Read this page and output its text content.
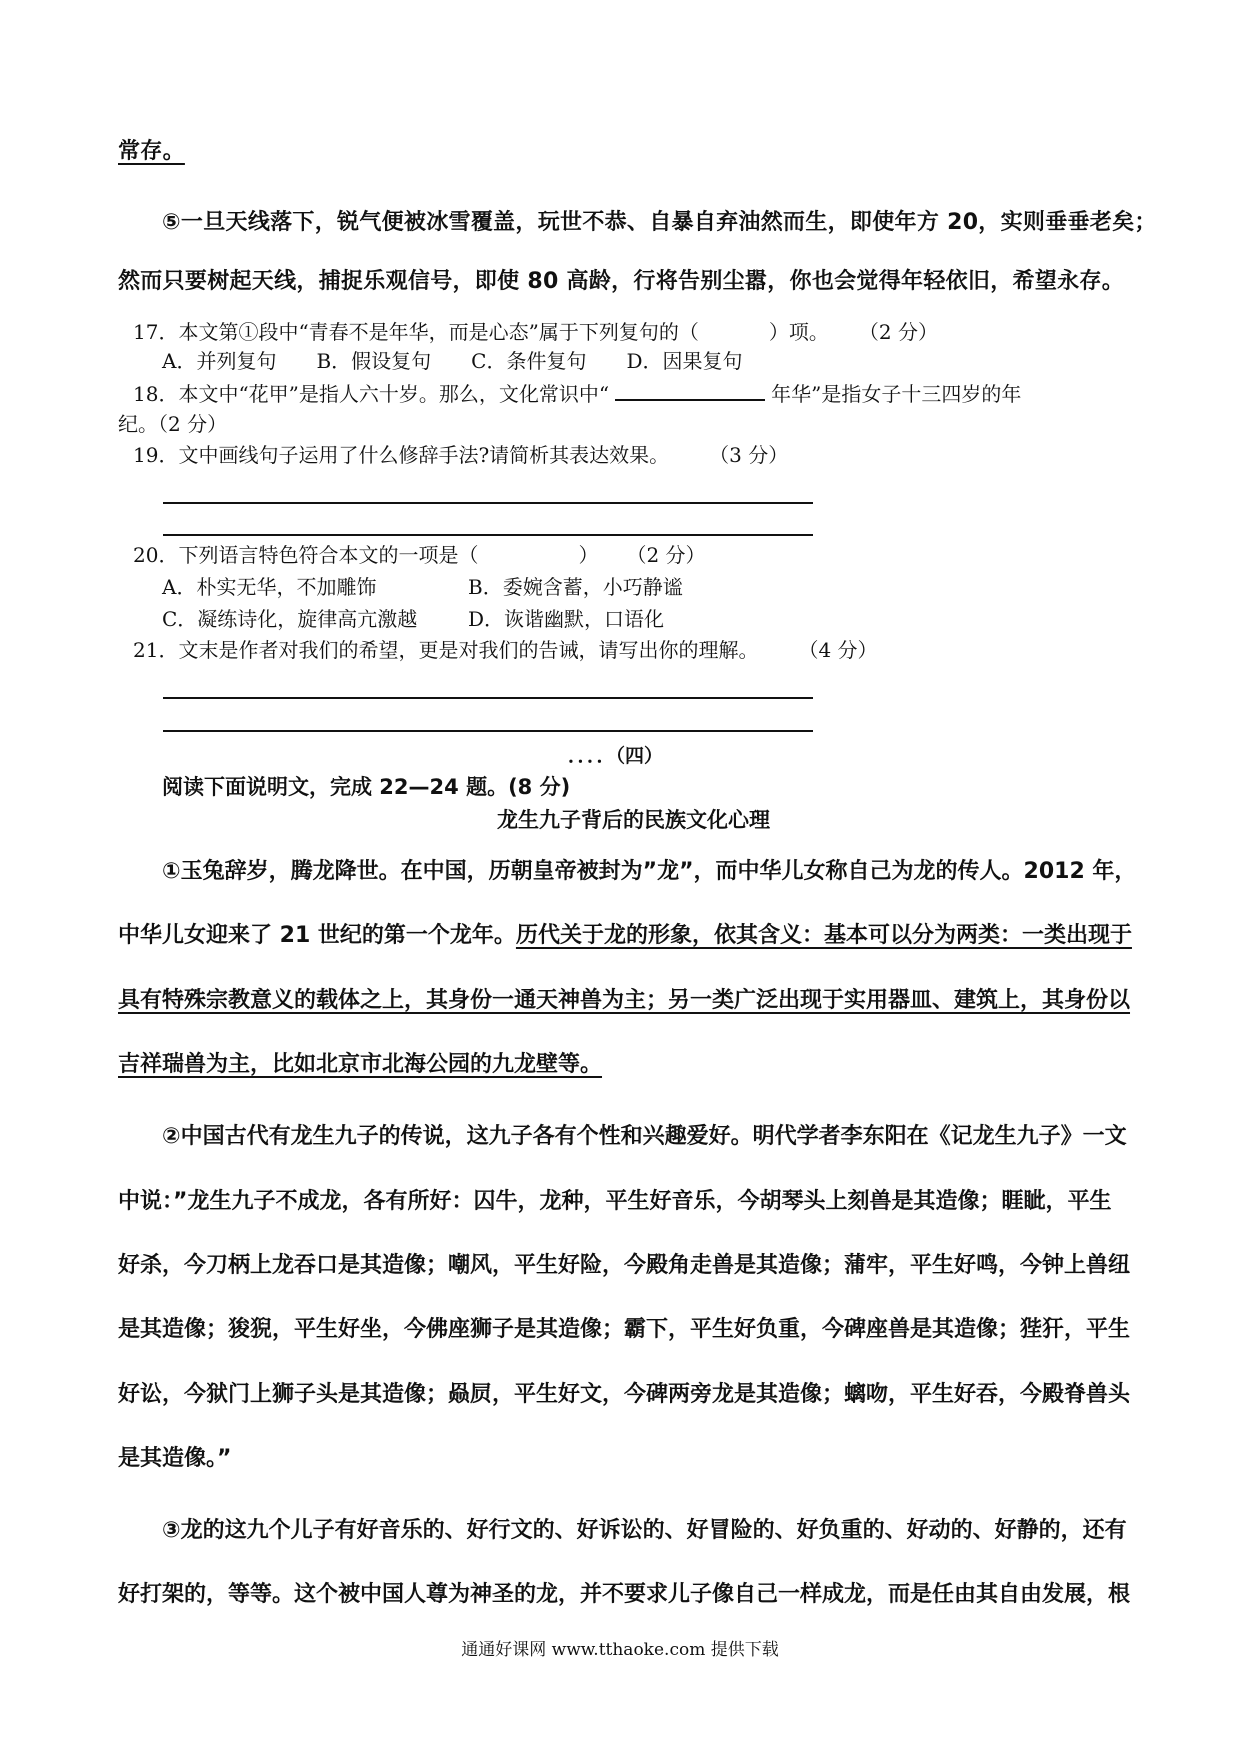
常存。
⑤一旦天线落下，锐气便被冰雪覆盖，玩世不恭、自暴自弃油然而生，即使年方 20，实则垂垂老矣；
然而只要树起天线，捕捉乐观信号，即使 80 高龄，行将告别尘嚣，你也会觉得年轻依旧，希望永存。
17．本文第①段中“青春不是年华，而是心态”属于下列复句的（	）项。 （2 分）
A．并列复句　　B．假设复句　　C．条件复句　　D．因果复句
18．本文中“花甲”是指人六十岁。那么，文化常识中“	年华”是指女子十三四岁的年
纪。（2 分）
19．文中画线句子运用了什么修辞手法?请简析其表达效果。	（3 分）
20．下列语言特色符合本文的一项是（	） （2 分）
A．朴实无华，不加雕饰	B．委婉含蓄，小巧静谧
C．凝练诗化，旋律高亢激越	D．诙谐幽默，口语化
21．文末是作者对我们的希望，更是对我们的告诫，请写出你的理解。	（4 分）
．．．．（四）
阅读下面说明文，完成 22—24 题。(8 分)
龙生九子背后的民族文化心理
①玉兔辞岁，腾龙降世。在中国，历朝皇帝被封为”龙”，而中华儿女称自己为龙的传人。2012 年，
中华儿女迎来了 21 世纪的第一个龙年。历代关于龙的形象，依其含义：基本可以分为两类：一类出现于
具有特殊宗教意义的载体之上，其身份一通天神兽为主；另一类广泛出现于实用器皿、建筑上，其身份以
吉祥瑞兽为主，比如北京市北海公园的九龙壁等。
②中国古代有龙生九子的传说，这九子各有个性和兴趣爱好。明代学者李东阳在《记龙生九子》一文
中说：”龙生九子不成龙，各有所好：囚牛，龙种，平生好音乐，今胡琴头上刻兽是其造像；睚眦，平生
好杀，今刀柄上龙吞口是其造像；嘲风，平生好险，今殿角走兽是其造像；蒲牢，平生好鸣，今钟上兽纽
是其造像；狻猊，平生好坐，今佛座狮子是其造像；霸下，平生好负重，今碑座兽是其造像；狴犴，平生
好讼，今狱门上狮子头是其造像；赑屃，平生好文，今碑两旁龙是其造像；螭吻，平生好吞，今殿脊兽头
是其造像。”
③龙的这九个儿子有好音乐的、好行文的、好诉讼的、好冒险的、好负重的、好动的、好静的，还有
好打架的，等等。这个被中国人尊为神圣的龙，并不要求儿子像自己一样成龙，而是任由其自由发展，根
通通好课网 www.tthaoke.com 提供下载
